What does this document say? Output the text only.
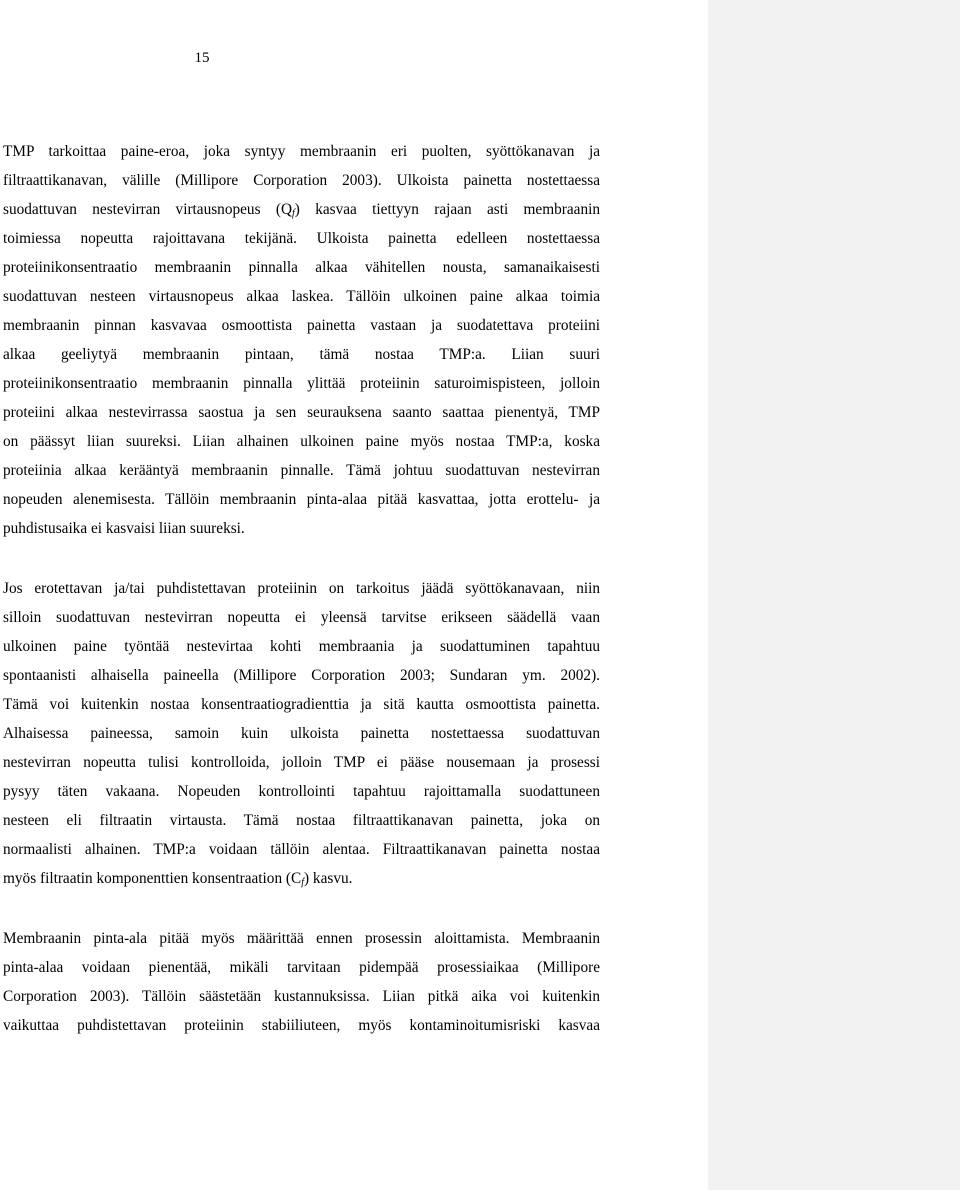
15
TMP tarkoittaa paine-eroa, joka syntyy membraanin eri puolten, syöttökanavan ja
filtraattikanavan, välille (Millipore Corporation 2003). Ulkoista painetta nostettaessa
suodattuvan nestevirran virtausnopeus $(Q_f)$ kasvaa tiettyyn rajaan asti membraanin
toimiessa nopeutta rajoittavana tekijänä. Ulkoista painetta edelleen nostettaessa
proteiinikonsentraatio membraanin pinnalla alkaa vähitellen nousta, samanaikaisesti
suodattuvan nesteen virtausnopeus alkaa laskea. Tällöin ulkoinen paine alkaa toimia
membraanin pinnan kasvavaa osmoottista painetta vastaan ja suodatettava proteiini
alkaa geeliytyä membraanin pintaan, tämä nostaa TMP:a. Liian suuri
proteiinikonsentraatio membraanin pinnalla ylittää proteiinin saturoimispisteen, jolloin
proteiini alkaa nestevirrassa saostua ja sen seurauksena saanto saattaa pienentyä, TMP
on päässyt liian suureksi. Liian alhainen ulkoinen paine myös nostaa TMP:a, koska
proteiinia alkaa kerääntyä membraanin pinnalle. Tämä johtuu suodattuvan nestevirran
nopeuden alenemisesta. Tällöin membraanin pinta-alaa pitää kasvattaa, jotta erottelu- ja
puhdistusaika ei kasvaisi liian suureksi.
Jos erotettavan ja/tai puhdistettavan proteiinin on tarkoitus jäädä syöttökanavaan, niin
silloin suodattuvan nestevirran nopeutta ei yleensä tarvitse erikseen säädellä vaan
ulkoinen paine työntää nestevirtaa kohti membraania ja suodattuminen tapahtuu
spontaanisti alhaisella paineella (Millipore Corporation 2003; Sundaran ym. 2002).
Tämä voi kuitenkin nostaa konsentraatiogradienttia ja sitä kautta osmoottista painetta.
Alhaisessa paineessa, samoin kuin ulkoista painetta nostettaessa suodattuvan
nestevirran nopeutta tulisi kontrolloida, jolloin TMP ei pääse nousemaan ja prosessi
pysyy täten vakaana. Nopeuden kontrollointi tapahtuu rajoittamalla suodattuneen
nesteen eli filtraatin virtausta. Tämä nostaa filtraattikanavan painetta, joka on
normaalisti alhainen. TMP:a voidaan tällöin alentaa. Filtraattikanavan painetta nostaa
myös filtraatin komponenttien konsentraation $(C_f)$ kasvu.
Membraanin pinta-ala pitää myös määrittää ennen prosessin aloittamista. Membraanin
pinta-alaa voidaan pienentää, mikäli tarvitaan pidempää prosessiaikaa (Millipore
Corporation 2003). Tällöin säästetään kustannuksissa. Liian pitkä aika voi kuitenkin
vaikuttaa puhdistettavan proteiinin stabiiliuteen, myös kontaminoitumisriski kasvaa
